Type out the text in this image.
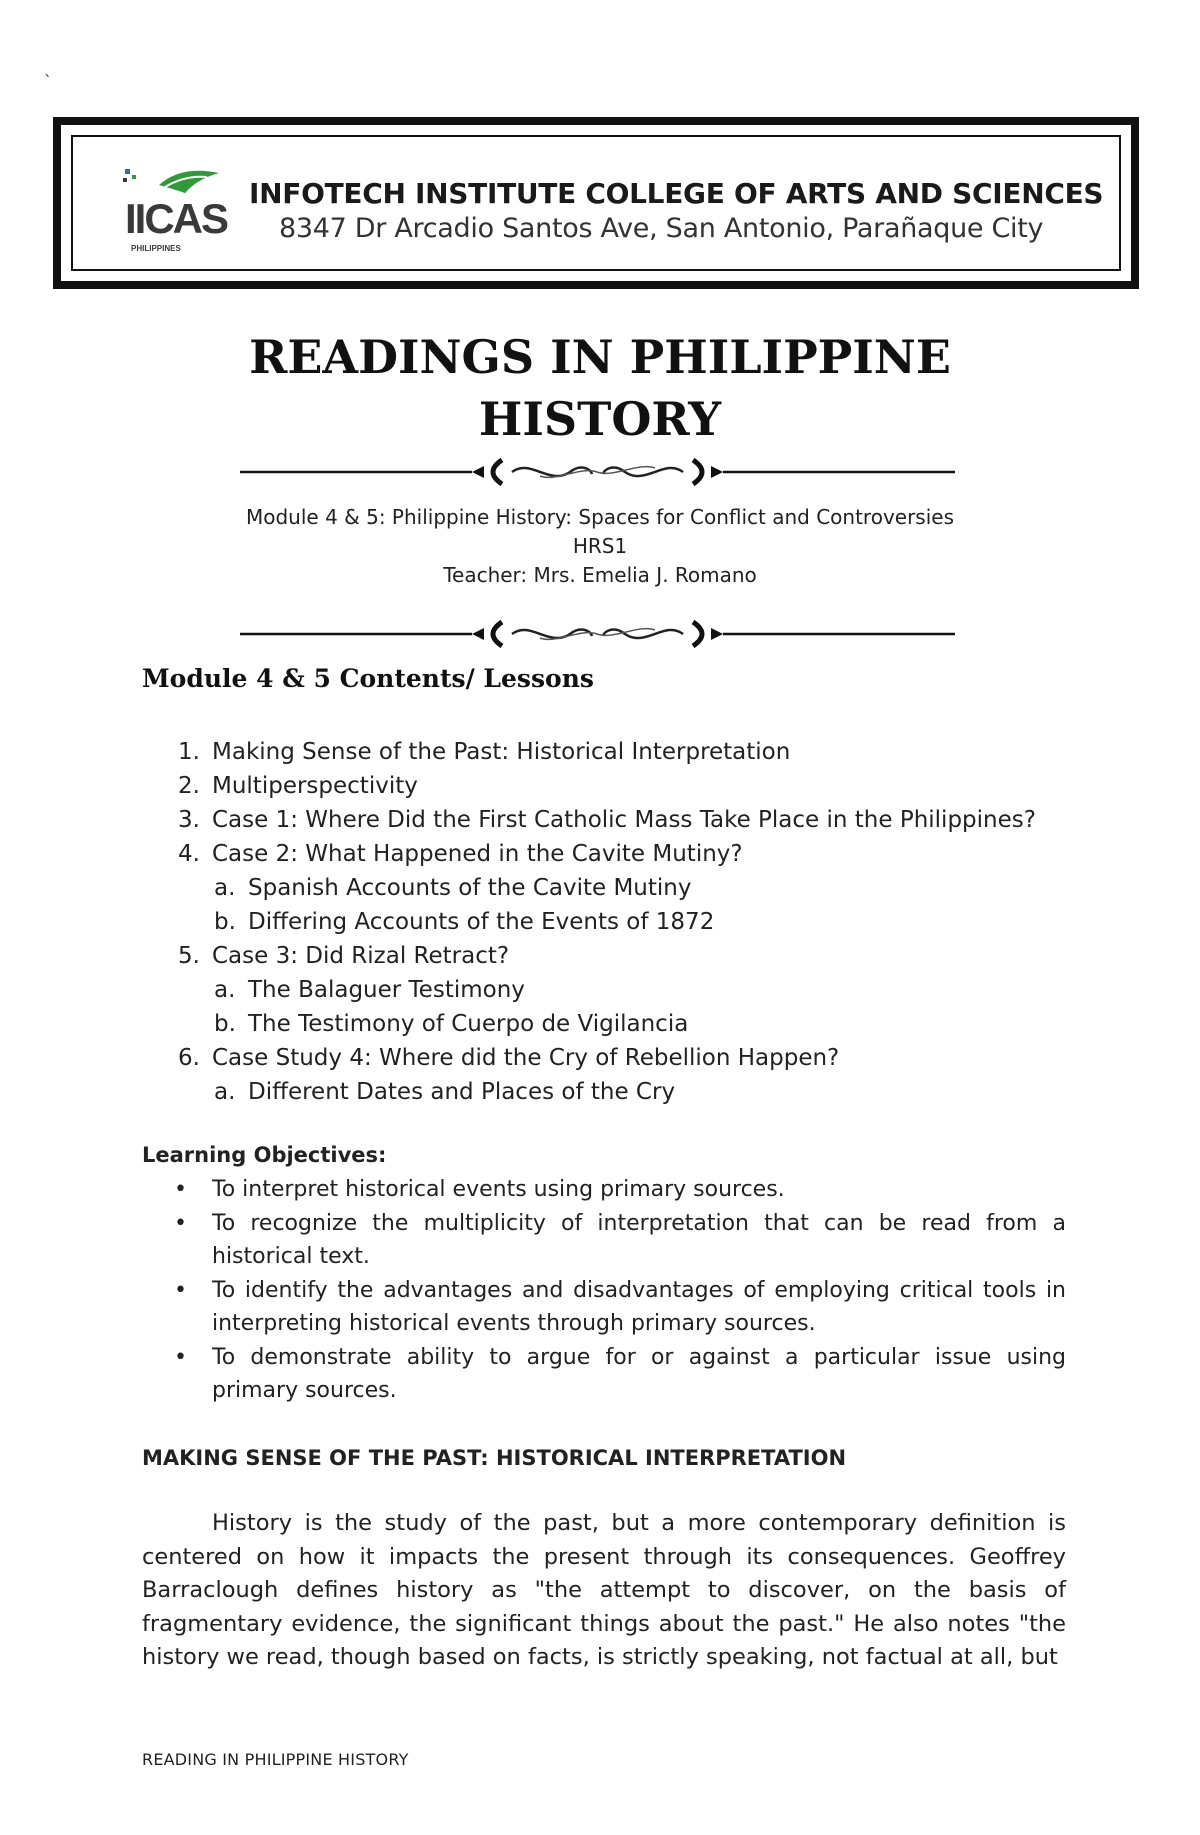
`
IICAS
PHILIPPINES
INFOTECH INSTITUTE COLLEGE OF ARTS AND SCIENCES
8347 Dr Arcadio Santos Ave, San Antonio, Parañaque City
READINGS IN PHILIPPINE
HISTORY
Module 4 & 5: Philippine History: Spaces for Conflict and Controversies
HRS1
Teacher: Mrs. Emelia J. Romano
Module 4 & 5 Contents/ Lessons
1. Making Sense of the Past: Historical Interpretation
2. Multiperspectivity
3. Case 1: Where Did the First Catholic Mass Take Place in the Philippines?
4. Case 2: What Happened in the Cavite Mutiny?
a. Spanish Accounts of the Cavite Mutiny
b. Differing Accounts of the Events of 1872
5. Case 3: Did Rizal Retract?
a. The Balaguer Testimony
b. The Testimony of Cuerpo de Vigilancia
6. Case Study 4: Where did the Cry of Rebellion Happen?
a. Different Dates and Places of the Cry
Learning Objectives:
• To interpret historical events using primary sources.
• To recognize the multiplicity of interpretation that can be read from a historical text.
• To identify the advantages and disadvantages of employing critical tools in interpreting historical events through primary sources.
• To demonstrate ability to argue for or against a particular issue using primary sources.
MAKING SENSE OF THE PAST: HISTORICAL INTERPRETATION

History is the study of the past, but a more contemporary definition is centered on how it impacts the present through its consequences. Geoffrey Barraclough defines history as "the attempt to discover, on the basis of fragmentary evidence, the significant things about the past." He also notes "the history we read, though based on facts, is strictly speaking, not factual at all, but

READING IN PHILIPPINE HISTORY
